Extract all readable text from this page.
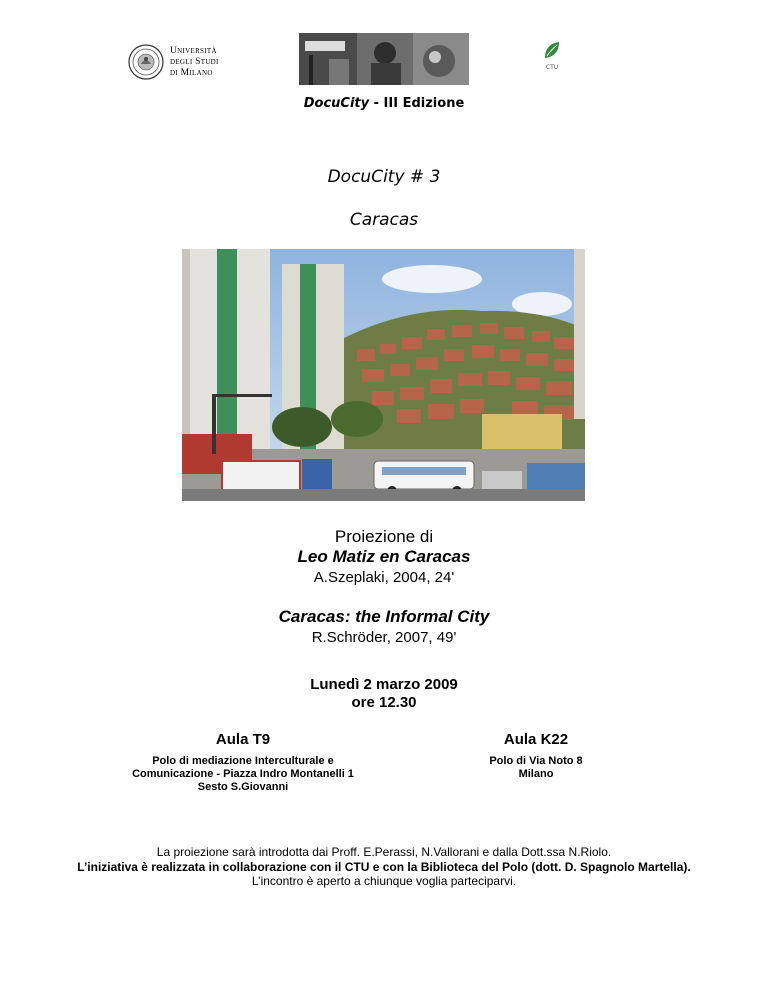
Università
degli Studi
di Milano
CTU
DocuCity - III Edizione
DocuCity # 3
Caracas
Proiezione di
Leo Matiz en Caracas
A.Szeplaki, 2004, 24'
Caracas: the Informal City
R.Schröder, 2007, 49'
Lunedì 2 marzo 2009
ore 12.30
Aula T9
Polo di mediazione Interculturale e
Comunicazione - Piazza Indro Montanelli 1
Sesto S.Giovanni
Aula K22
Polo di Via Noto 8
Milano
La proiezione sarà introdotta dai Proff. E.Perassi, N.Vallorani e dalla Dott.ssa N.Riolo.
L’iniziativa è realizzata in collaborazione con il CTU e con la Biblioteca del Polo (dott. D. Spagnolo Martella).
L’incontro è aperto a chiunque voglia parteciparvi.
